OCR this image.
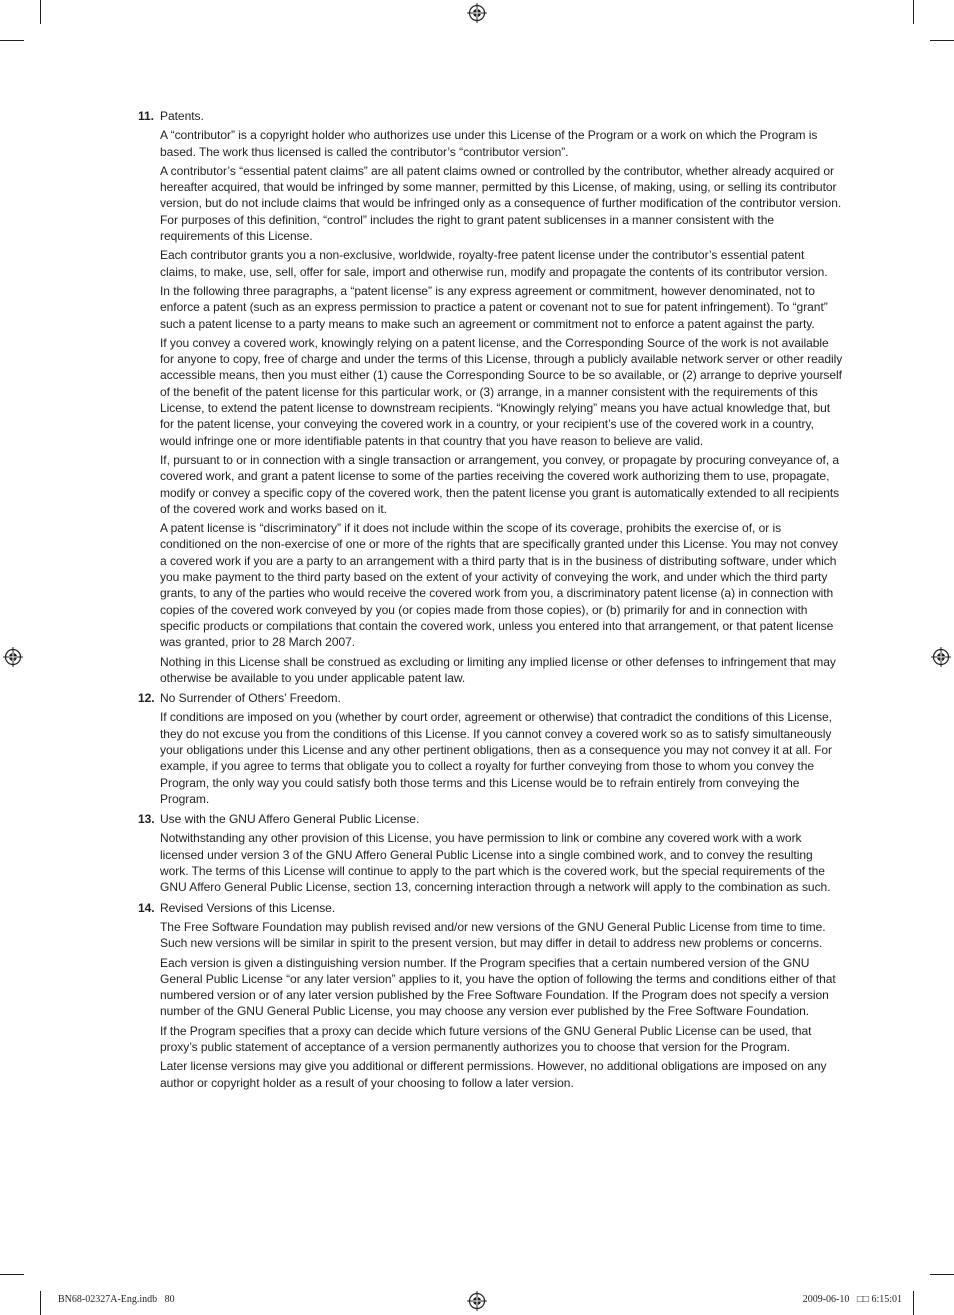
11. Patents.

A “contributor” is a copyright holder who authorizes use under this License of the Program or a work on which the Program is based. The work thus licensed is called the contributor’s “contributor version”.

A contributor’s “essential patent claims” are all patent claims owned or controlled by the contributor, whether already acquired or hereafter acquired, that would be infringed by some manner, permitted by this License, of making, using, or selling its contributor version, but do not include claims that would be infringed only as a consequence of further modification of the contributor version. For purposes of this definition, “control” includes the right to grant patent sublicenses in a manner consistent with the requirements of this License.

Each contributor grants you a non-exclusive, worldwide, royalty-free patent license under the contributor’s essential patent claims, to make, use, sell, offer for sale, import and otherwise run, modify and propagate the contents of its contributor version.

In the following three paragraphs, a “patent license” is any express agreement or commitment, however denominated, not to enforce a patent (such as an express permission to practice a patent or covenant not to sue for patent infringement). To “grant” such a patent license to a party means to make such an agreement or commitment not to enforce a patent against the party.

If you convey a covered work, knowingly relying on a patent license, and the Corresponding Source of the work is not available for anyone to copy, free of charge and under the terms of this License, through a publicly available network server or other readily accessible means, then you must either (1) cause the Corresponding Source to be so available, or (2) arrange to deprive yourself of the benefit of the patent license for this particular work, or (3) arrange, in a manner consistent with the requirements of this License, to extend the patent license to downstream recipients. “Knowingly relying” means you have actual knowledge that, but for the patent license, your conveying the covered work in a country, or your recipient’s use of the covered work in a country, would infringe one or more identifiable patents in that country that you have reason to believe are valid.

If, pursuant to or in connection with a single transaction or arrangement, you convey, or propagate by procuring conveyance of, a covered work, and grant a patent license to some of the parties receiving the covered work authorizing them to use, propagate, modify or convey a specific copy of the covered work, then the patent license you grant is automatically extended to all recipients of the covered work and works based on it.

A patent license is “discriminatory” if it does not include within the scope of its coverage, prohibits the exercise of, or is conditioned on the non-exercise of one or more of the rights that are specifically granted under this License. You may not convey a covered work if you are a party to an arrangement with a third party that is in the business of distributing software, under which you make payment to the third party based on the extent of your activity of conveying the work, and under which the third party grants, to any of the parties who would receive the covered work from you, a discriminatory patent license (a) in connection with copies of the covered work conveyed by you (or copies made from those copies), or (b) primarily for and in connection with specific products or compilations that contain the covered work, unless you entered into that arrangement, or that patent license was granted, prior to 28 March 2007.

Nothing in this License shall be construed as excluding or limiting any implied license or other defenses to infringement that may otherwise be available to you under applicable patent law.

12. No Surrender of Others’ Freedom.

If conditions are imposed on you (whether by court order, agreement or otherwise) that contradict the conditions of this License, they do not excuse you from the conditions of this License. If you cannot convey a covered work so as to satisfy simultaneously your obligations under this License and any other pertinent obligations, then as a consequence you may not convey it at all. For example, if you agree to terms that obligate you to collect a royalty for further conveying from those to whom you convey the Program, the only way you could satisfy both those terms and this License would be to refrain entirely from conveying the Program.

13. Use with the GNU Affero General Public License.

Notwithstanding any other provision of this License, you have permission to link or combine any covered work with a work licensed under version 3 of the GNU Affero General Public License into a single combined work, and to convey the resulting work. The terms of this License will continue to apply to the part which is the covered work, but the special requirements of the GNU Affero General Public License, section 13, concerning interaction through a network will apply to the combination as such.

14. Revised Versions of this License.

The Free Software Foundation may publish revised and/or new versions of the GNU General Public License from time to time. Such new versions will be similar in spirit to the present version, but may differ in detail to address new problems or concerns.

Each version is given a distinguishing version number. If the Program specifies that a certain numbered version of the GNU General Public License “or any later version” applies to it, you have the option of following the terms and conditions either of that numbered version or of any later version published by the Free Software Foundation. If the Program does not specify a version number of the GNU General Public License, you may choose any version ever published by the Free Software Foundation.

If the Program specifies that a proxy can decide which future versions of the GNU General Public License can be used, that proxy’s public statement of acceptance of a version permanently authorizes you to choose that version for the Program.

Later license versions may give you additional or different permissions. However, no additional obligations are imposed on any author or copyright holder as a result of your choosing to follow a later version.

BN68-02327A-Eng.indb   80	2009-06-10   □□ 6:15:01
